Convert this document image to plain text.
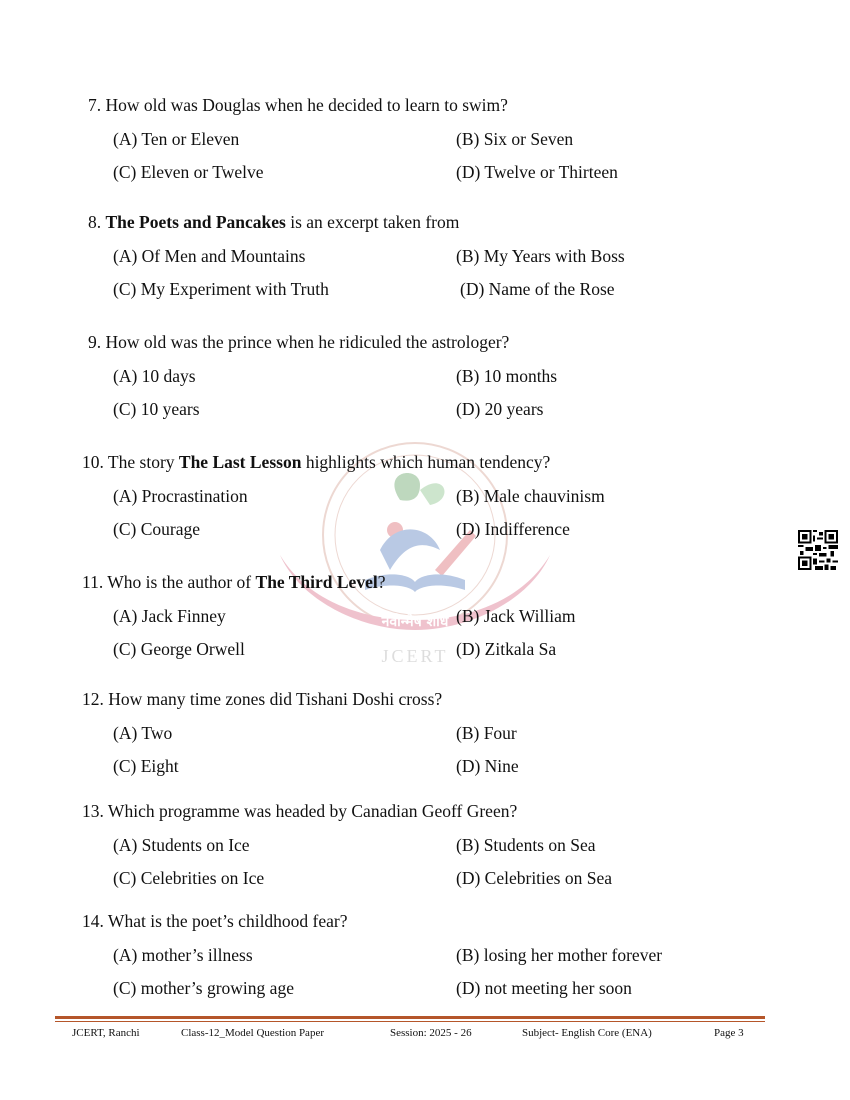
नवोन्मेष शोध
JCERT
7. How old was Douglas when he decided to learn to swim?
(A) Ten or Eleven	(B) Six or Seven
(C) Eleven or Twelve	(D) Twelve or Thirteen
8. The Poets and Pancakes is an excerpt taken from
(A) Of Men and Mountains	(B) My Years with Boss
(C) My Experiment with Truth	(D) Name of the Rose
9. How old was the prince when he ridiculed the astrologer?
(A) 10 days	(B) 10 months
(C) 10 years	(D) 20 years
10. The story The Last Lesson highlights which human tendency?
(A) Procrastination	(B) Male chauvinism
(C) Courage	(D) Indifference
11. Who is the author of The Third Level?
(A) Jack Finney	(B) Jack William
(C) George Orwell	(D) Zitkala Sa
12. How many time zones did Tishani Doshi cross?
(A) Two	(B) Four
(C) Eight	(D) Nine
13. Which programme was headed by Canadian Geoff Green?
(A) Students on Ice	(B) Students on Sea
(C) Celebrities on Ice	(D) Celebrities on Sea
14. What is the poet’s childhood fear?
(A) mother’s illness	(B) losing her mother forever
(C) mother’s growing age	(D) not meeting her soon
JCERT, Ranchi	Class-12_Model Question Paper	Session: 2025 - 26	Subject- English Core (ENA)	Page 3
